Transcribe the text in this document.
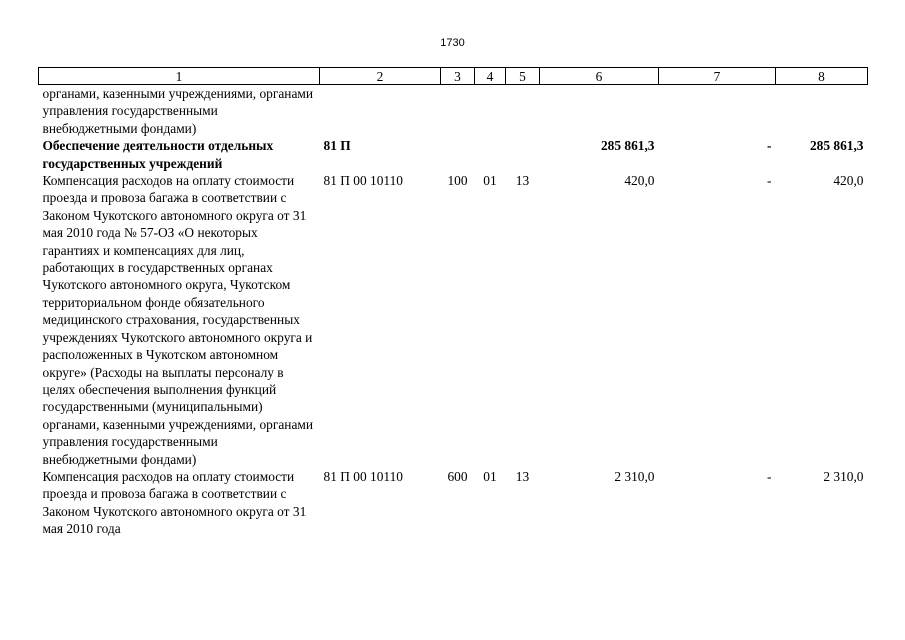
1730
1	2	3	4	5	6	7	8
органами, казенными учреждениями, органами управления государственными внебюджетными фондами)							
Обеспечение деятельности отдельных государственных учреждений	81 П				285 861,3	-	285 861,3
Компенсация расходов на оплату стоимости проезда и провоза багажа в соответствии с Законом Чукотского автономного округа от 31 мая 2010 года № 57-ОЗ «О некоторых гарантиях и компенсациях для лиц, работающих в государственных органах Чукотского автономного округа, Чукотском территориальном фонде обязательного медицинского страхования, государственных учреждениях Чукотского автономного округа и расположенных в Чукотском автономном округе» (Расходы на выплаты персоналу в целях обеспечения выполнения функций государственными (муниципальными) органами, казенными учреждениями, органами управления государственными внебюджетными фондами)	81 П 00 10110	100	01	13	420,0	-	420,0
Компенсация расходов на оплату стоимости проезда и провоза багажа в соответствии с Законом Чукотского автономного округа от 31 мая 2010 года	81 П 00 10110	600	01	13	2 310,0	-	2 310,0
